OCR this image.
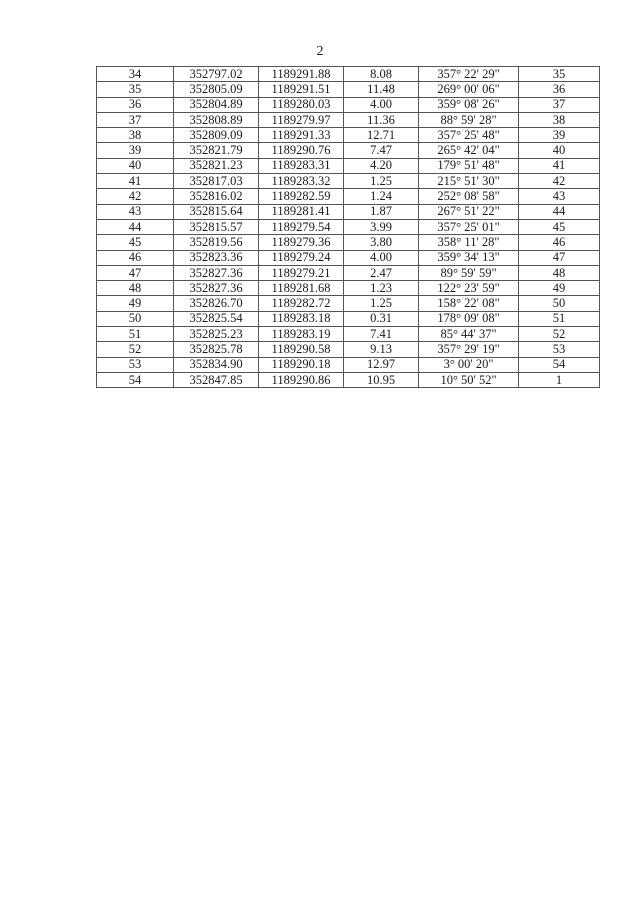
2
34	352797.02	1189291.88	8.08	357° 22' 29"	35
35	352805.09	1189291.51	11.48	269° 00' 06"	36
36	352804.89	1189280.03	4.00	359° 08' 26"	37
37	352808.89	1189279.97	11.36	88° 59' 28"	38
38	352809.09	1189291.33	12.71	357° 25' 48"	39
39	352821.79	1189290.76	7.47	265° 42' 04"	40
40	352821.23	1189283.31	4.20	179° 51' 48"	41
41	352817.03	1189283.32	1.25	215° 51' 30"	42
42	352816.02	1189282.59	1.24	252° 08' 58"	43
43	352815.64	1189281.41	1.87	267° 51' 22"	44
44	352815.57	1189279.54	3.99	357° 25' 01"	45
45	352819.56	1189279.36	3.80	358° 11' 28"	46
46	352823.36	1189279.24	4.00	359° 34' 13"	47
47	352827.36	1189279.21	2.47	89° 59' 59"	48
48	352827.36	1189281.68	1.23	122° 23' 59"	49
49	352826.70	1189282.72	1.25	158° 22' 08"	50
50	352825.54	1189283.18	0.31	178° 09' 08"	51
51	352825.23	1189283.19	7.41	85° 44' 37"	52
52	352825.78	1189290.58	9.13	357° 29' 19"	53
53	352834.90	1189290.18	12.97	3° 00' 20"	54
54	352847.85	1189290.86	10.95	10° 50' 52"	1
